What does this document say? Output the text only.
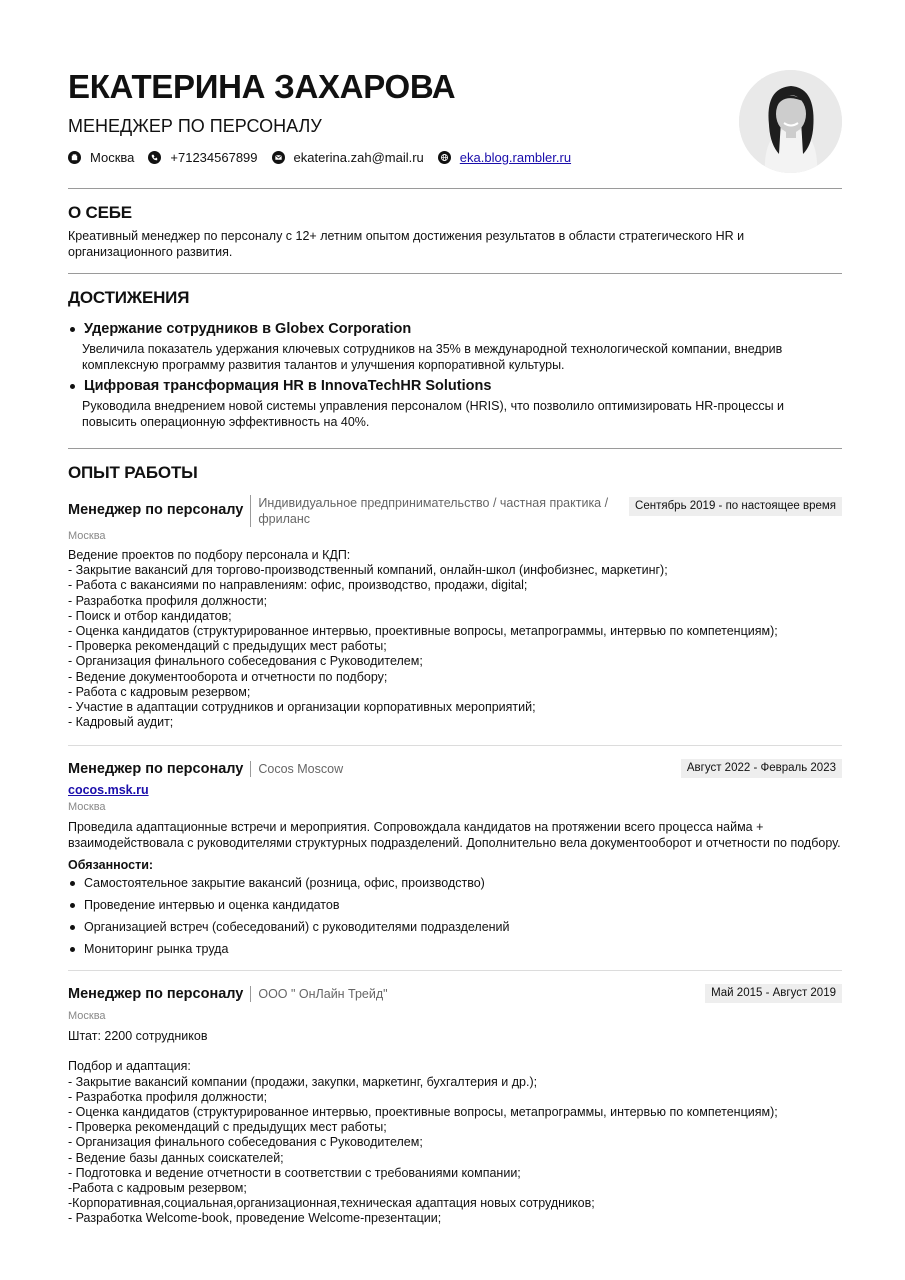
ЕКАТЕРИНА ЗАХАРОВА
МЕНЕДЖЕР ПО ПЕРСОНАЛУ
Москва	+71234567899	ekaterina.zah@mail.ru	eka.blog.rambler.ru
О СЕБЕ
Креативный менеджер по персоналу с 12+ летним опытом достижения результатов в области стратегического HR и организационного развития.
ДОСТИЖЕНИЯ
Удержание сотрудников в Globex Corporation
Увеличила показатель удержания ключевых сотрудников на 35% в международной технологической компании, внедрив комплексную программу развития талантов и улучшения корпоративной культуры.
Цифровая трансформация HR в InnovaTechHR Solutions
Руководила внедрением новой системы управления персоналом (HRIS), что позволило оптимизировать HR-процессы и повысить операционную эффективность на 40%.
ОПЫТ РАБОТЫ
Менеджер по персоналу Индивидуальное предпринимательство / частная практика / фриланс
Сентябрь 2019 - по настоящее время
Москва
Ведение проектов по подбору персонала и КДП:
- Закрытие вакансий для торгово-производственный компаний, онлайн-школ (инфобизнес, маркетинг);
- Работа с вакансиями по направлениям: офис, производство, продажи, digital;
- Разработка профиля должности;
- Поиск и отбор кандидатов;
- Оценка кандидатов (структурированное интервью, проективные вопросы, метапрограммы, интервью по компетенциям);
- Проверка рекомендаций с предыдущих мест работы;
- Организация финального собеседования с Руководителем;
- Ведение документооборота и отчетности по подбору;
- Работа с кадровым резервом;
- Участие в адаптации сотрудников и организации корпоративных мероприятий;
- Кадровый аудит;
Менеджер по персоналу Cocos Moscow	Август 2022 - Февраль 2023
cocos.msk.ru
Москва
Проведила адаптационные встречи и мероприятия. Сопровождала кандидатов на протяжении всего процесса найма + взаимодействовала с руководителями структурных подразделений. Дополнительно вела документооборот и отчетности по подбору.
Обязанности:
Самостоятельное закрытие вакансий (розница, офис, производство)
Проведение интервью и оценка кандидатов
Организацией встреч (собеседований) с руководителями подразделений
Мониторинг рынка труда
Менеджер по персоналу ООО " ОнЛайн Трейд"	Май 2015 - Август 2019
Москва
Штат: 2200 сотрудников

Подбор и адаптация:
- Закрытие вакансий компании (продажи, закупки, маркетинг, бухгалтерия и др.);
- Разработка профиля должности;
- Оценка кандидатов (структурированное интервью, проективные вопросы, метапрограммы, интервью по компетенциям);
- Проверка рекомендаций с предыдущих мест работы;
- Организация финального собеседования с Руководителем;
- Ведение базы данных соискателей;
- Подготовка и ведение отчетности в соответствии с требованиями компании;
-Работа с кадровым резервом;
-Корпоративная,социальная,организационная,техническая адаптация новых сотрудников;
- Разработка Welcome-book, проведение Welcome-презентации;
